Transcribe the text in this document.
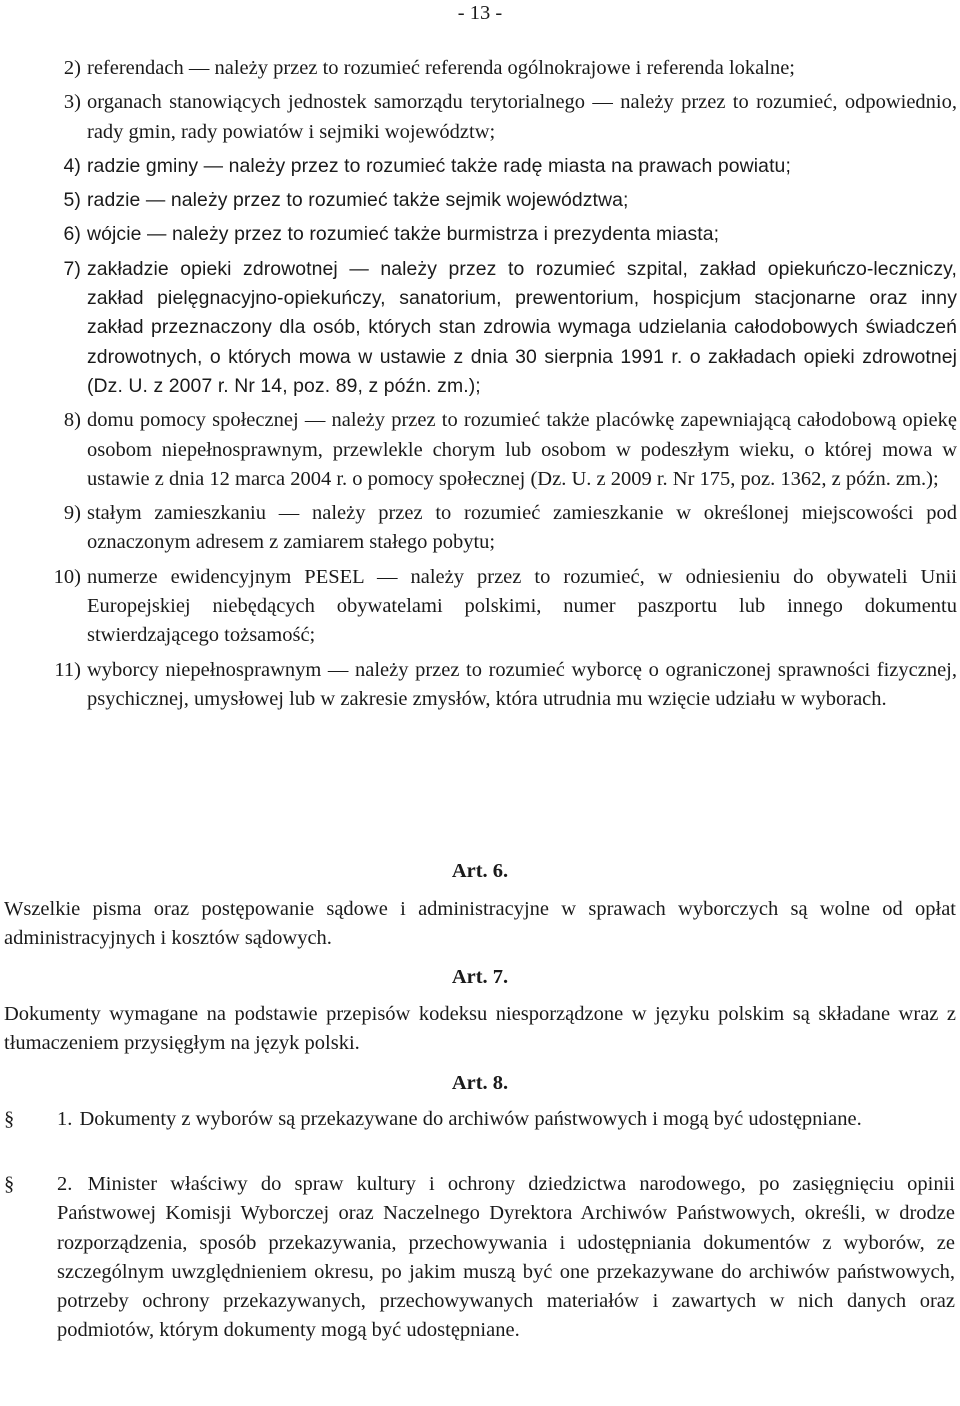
- 13 -
2) referendach — należy przez to rozumieć referenda ogólnokrajowe i referenda lokalne;
3) organach stanowiących jednostek samorządu terytorialnego — należy przez to rozumieć, odpowiednio, rady gmin, rady powiatów i sejmiki województw;
4) radzie gminy — należy przez to rozumieć także radę miasta na prawach powiatu;
5) radzie — należy przez to rozumieć także sejmik województwa;
6) wójcie — należy przez to rozumieć także burmistrza i prezydenta miasta;
7) zakładzie opieki zdrowotnej — należy przez to rozumieć szpital, zakład opiekuńczo-leczniczy, zakład pielęgnacyjno-opiekuńczy, sanatorium, prewentorium, hospicjum stacjonarne oraz inny zakład przeznaczony dla osób, których stan zdrowia wymaga udzielania całodobowych świadczeń zdrowotnych, o których mowa w ustawie z dnia 30 sierpnia 1991 r. o zakładach opieki zdrowotnej (Dz. U. z 2007 r. Nr 14, poz. 89, z późn. zm.);
8) domu pomocy społecznej — należy przez to rozumieć także placówkę zapewniającą całodobową opiekę osobom niepełnosprawnym, przewlekle chorym lub osobom w podeszłym wieku, o której mowa w ustawie z dnia 12 marca 2004 r. o pomocy społecznej (Dz. U. z 2009 r. Nr 175, poz. 1362, z późn. zm.);
9) stałym zamieszkaniu — należy przez to rozumieć zamieszkanie w określonej miejscowości pod oznaczonym adresem z zamiarem stałego pobytu;
10) numerze ewidencyjnym PESEL — należy przez to rozumieć, w odniesieniu do obywateli Unii Europejskiej niebędących obywatelami polskimi, numer paszportu lub innego dokumentu stwierdzającego tożsamość;
11) wyborcy niepełnosprawnym — należy przez to rozumieć wyborcę o ograniczonej sprawności fizycznej, psychicznej, umysłowej lub w zakresie zmysłów, która utrudnia mu wzięcie udziału w wyborach.
Art. 6.
Wszelkie pisma oraz postępowanie sądowe i administracyjne w sprawach wyborczych są wolne od opłat administracyjnych i kosztów sądowych.
Art. 7.
Dokumenty wymagane na podstawie przepisów kodeksu niesporządzone w języku polskim są składane wraz z tłumaczeniem przysięgłym na język polski.
Art. 8.
§	1. Dokumenty z wyborów są przekazywane do archiwów państwowych i mogą być udostępniane.
§	2. Minister właściwy do spraw kultury i ochrony dziedzictwa narodowego, po zasięgnięciu opinii Państwowej Komisji Wyborczej oraz Naczelnego Dyrektora Archiwów Państwowych, określi, w drodze rozporządzenia, sposób przekazywania, przechowywania i udostępniania dokumentów z wyborów, ze szczególnym uwzględnieniem okresu, po jakim muszą być one przekazywane do archiwów państwowych, potrzeby ochrony przekazywanych, przechowywanych materiałów i zawartych w nich danych oraz podmiotów, którym dokumenty mogą być udostępniane.
